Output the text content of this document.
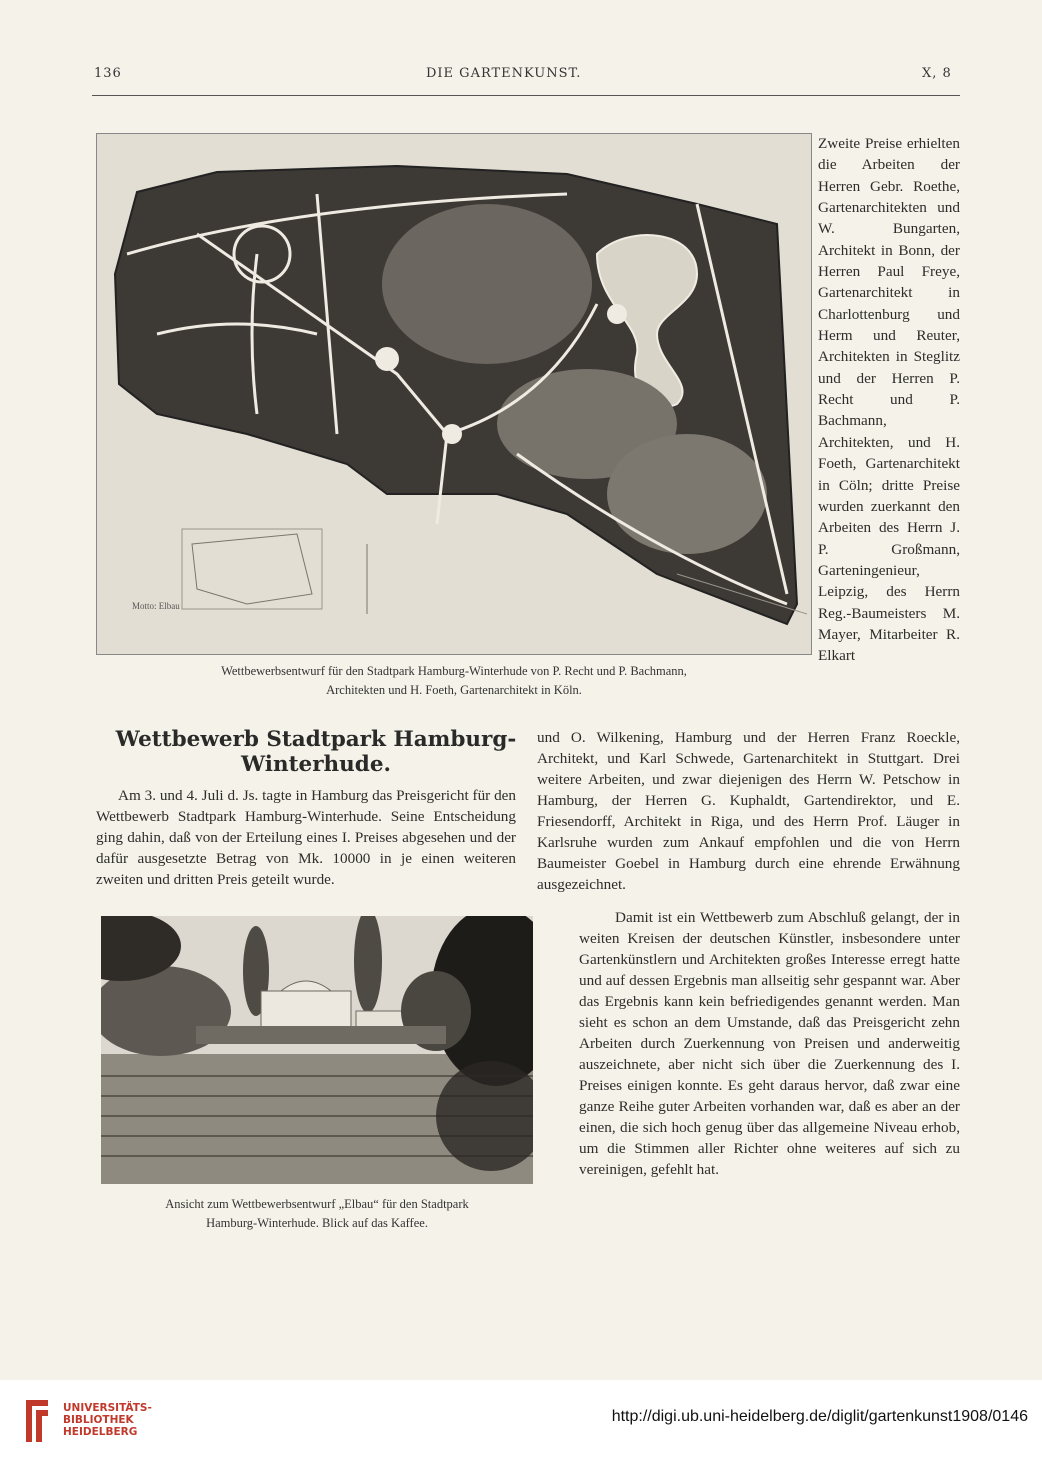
136	DIE GARTENKUNST.	X, 8
Motto: Elbau
Wettbewerbsentwurf für den Stadtpark Hamburg-Winterhude von P. Recht und P. Bachmann,
Architekten und H. Foeth, Gartenarchitekt in Köln.
Zweite Preise erhielten die Arbeiten der Herren Gebr. Roethe, Gartenarchitekten und W. Bungarten, Architekt in Bonn, der Herren Paul Freye, Gartenarchitekt in Charlottenburg und Herm und Reuter, Architekten in Steglitz und der Herren P. Recht und P. Bachmann, Architekten, und H. Foeth, Gartenarchitekt in Cöln; dritte Preise wurden zuerkannt den Arbeiten des Herrn J. P. Großmann, Garteningenieur, Leipzig, des Herrn Reg.-Baumeisters M. Mayer, Mitarbeiter R. Elkart
Wettbewerb Stadtpark Hamburg-
Winterhude.

Am 3. und 4. Juli d. Js. tagte in Hamburg das Preisgericht für den Wettbewerb Stadtpark Hamburg-Winterhude. Seine Entscheidung ging dahin, daß von der Erteilung eines I. Preises abgesehen und der dafür ausgesetzte Betrag von Mk. 10000 in je einen weiteren zweiten und dritten Preis geteilt wurde.

und O. Wilkening, Hamburg und der Herren Franz Roeckle, Architekt, und Karl Schwede, Gartenarchitekt in Stuttgart. Drei weitere Arbeiten, und zwar diejenigen des Herrn W. Petschow in Hamburg, der Herren G. Kuphaldt, Gartendirektor, und E. Friesendorff, Architekt in Riga, und des Herrn Prof. Läuger in Karlsruhe wurden zum Ankauf empfohlen und die von Herrn Baumeister Goebel in Hamburg durch eine ehrende Erwähnung ausgezeichnet.

Ansicht zum Wettbewerbsentwurf „Elbau“ für den Stadtpark
Hamburg-Winterhude. Blick auf das Kaffee.

Damit ist ein Wettbewerb zum Abschluß gelangt, der in weiten Kreisen der deutschen Künstler, insbesondere unter Gartenkünstlern und Architekten großes Interesse erregt hatte und auf dessen Ergebnis man allseitig sehr gespannt war. Aber das Ergebnis kann kein befriedigendes genannt werden. Man sieht es schon an dem Umstande, daß das Preisgericht zehn Arbeiten durch Zuerkennung von Preisen und anderweitig auszeichnete, aber nicht sich über die Zuerkennung des I. Preises einigen konnte. Es geht daraus hervor, daß zwar eine ganze Reihe guter Arbeiten vorhanden war, daß es aber an der einen, die sich hoch genug über das allgemeine Niveau erhob, um die Stimmen aller Richter ohne weiteres auf sich zu vereinigen, gefehlt hat.

UNIVERSITÄTS-
BIBLIOTHEK
HEIDELBERG
http://digi.ub.uni-heidelberg.de/diglit/gartenkunst1908/0146
